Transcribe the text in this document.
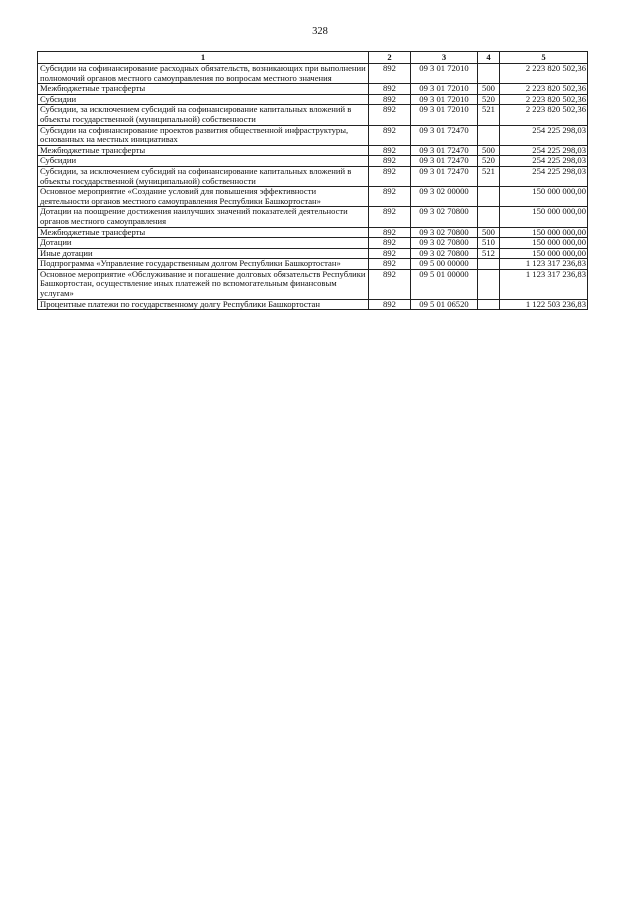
328
1	2	3	4	5
Субсидии на софинансирование расходных обязательств, возникающих при выполнении полномочий органов местного самоуправления по вопросам местного значения	892	09 3 01 72010		2 223 820 502,36
Межбюджетные трансферты	892	09 3 01 72010	500	2 223 820 502,36
Субсидии	892	09 3 01 72010	520	2 223 820 502,36
Субсидии, за исключением субсидий на софинансирование капитальных вложений в объекты государственной (муниципальной) собственности	892	09 3 01 72010	521	2 223 820 502,36
Субсидии на софинансирование проектов развития общественной инфраструктуры, основанных на местных инициативах	892	09 3 01 72470		254 225 298,03
Межбюджетные трансферты	892	09 3 01 72470	500	254 225 298,03
Субсидии	892	09 3 01 72470	520	254 225 298,03
Субсидии, за исключением субсидий на софинансирование капитальных вложений в объекты государственной (муниципальной) собственности	892	09 3 01 72470	521	254 225 298,03
Основное мероприятие «Создание условий для повышения эффективности деятельности органов местного самоуправления Республики Башкортостан»	892	09 3 02 00000		150 000 000,00
Дотации на поощрение достижения наилучших значений показателей деятельности органов местного самоуправления	892	09 3 02 70800		150 000 000,00
Межбюджетные трансферты	892	09 3 02 70800	500	150 000 000,00
Дотации	892	09 3 02 70800	510	150 000 000,00
Иные дотации	892	09 3 02 70800	512	150 000 000,00
Подпрограмма «Управление государственным долгом Республики Башкортостан»	892	09 5 00 00000		1 123 317 236,83
Основное мероприятие «Обслуживание и погашение долговых обязательств Республики Башкортостан, осуществление иных платежей по вспомогательным финансовым услугам»	892	09 5 01 00000		1 123 317 236,83
Процентные платежи по государственному долгу Республики Башкортостан	892	09 5 01 06520		1 122 503 236,83
